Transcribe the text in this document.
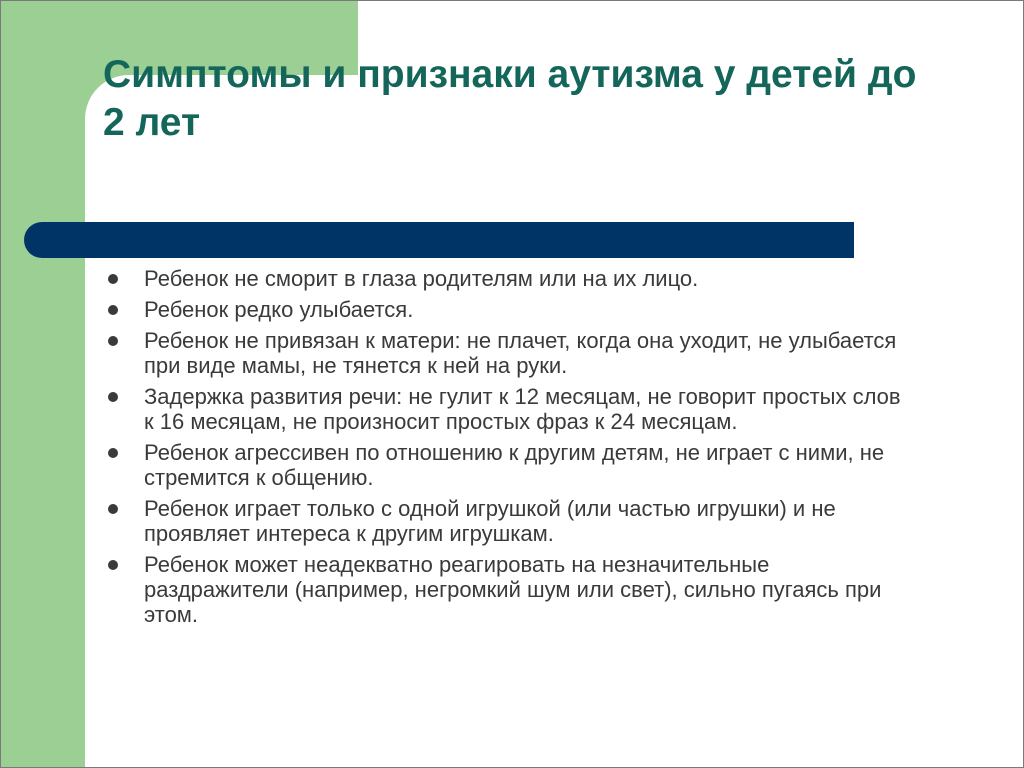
Симптомы и признаки аутизма у детей до 2 лет
Ребенок не сморит в глаза родителям или на их лицо.
Ребенок редко улыбается.
Ребенок не привязан к матери: не плачет, когда она уходит, не улыбается при виде мамы, не тянется к ней на руки.
Задержка развития речи: не гулит к 12 месяцам, не говорит простых слов к 16 месяцам, не произносит простых фраз к 24 месяцам.
Ребенок агрессивен по отношению к другим детям, не играет с ними, не стремится к общению.
Ребенок играет только с одной игрушкой (или частью игрушки) и не проявляет интереса к другим игрушкам.
Ребенок может неадекватно реагировать на незначительные раздражители (например, негромкий шум или свет), сильно пугаясь при этом.
